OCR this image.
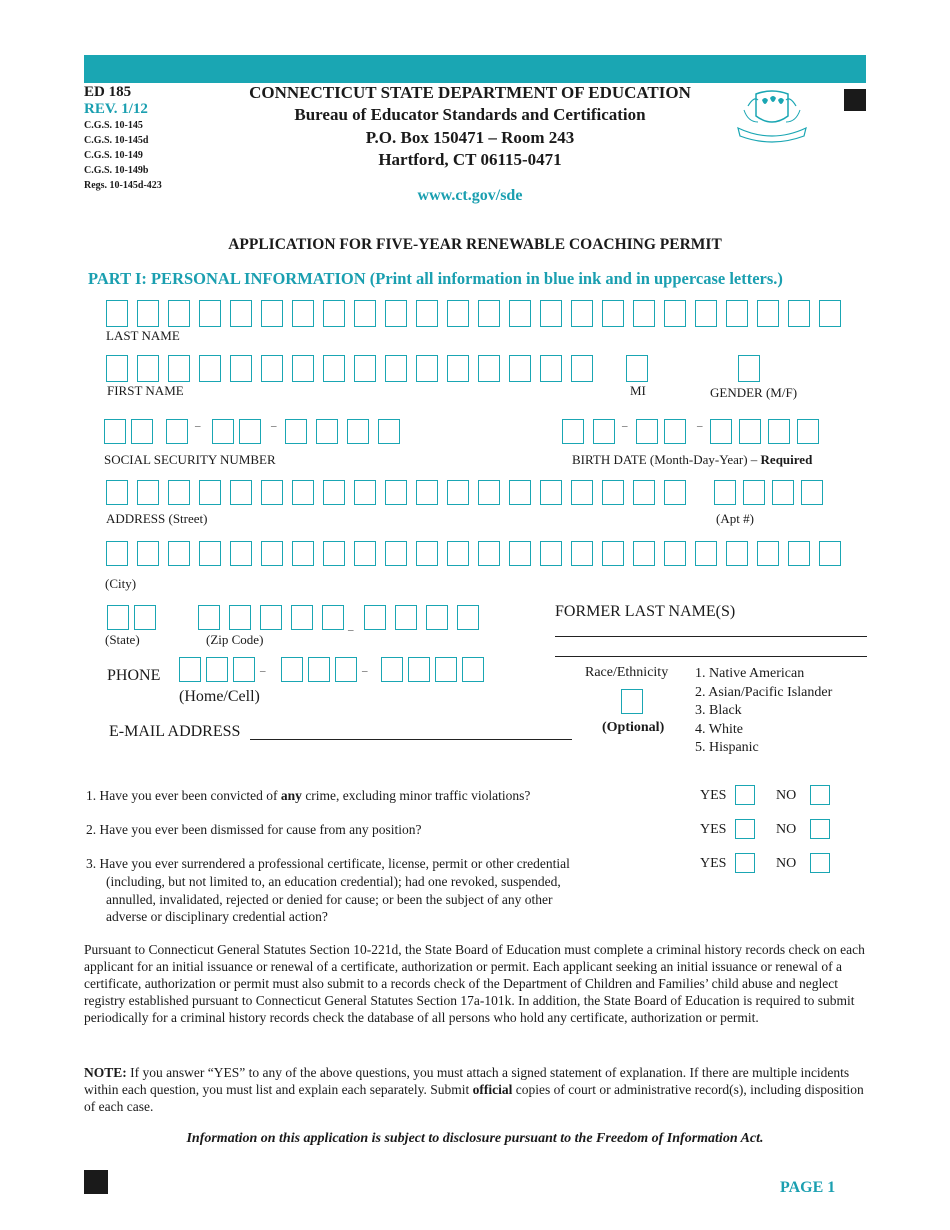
ED 185
REV. 1/12
C.G.S. 10-145
C.G.S. 10-145d
C.G.S. 10-149
C.G.S. 10-149b
Regs. 10-145d-423
CONNECTICUT STATE DEPARTMENT OF EDUCATION
Bureau of Educator Standards and Certification
P.O. Box 150471 – Room 243
Hartford, CT 06115-0471
www.ct.gov/sde
APPLICATION FOR FIVE-YEAR RENEWABLE COACHING PERMIT
PART I: PERSONAL INFORMATION (Print all information in blue ink and in uppercase letters.)
–	–	–	–
–
–	–
LAST NAME
FIRST NAME	MI	GENDER (M/F)
SOCIAL SECURITY NUMBER	BIRTH DATE (Month-Day-Year) – Required
ADDRESS (Street)	(Apt #)
(City)
(State)	(Zip Code)
FORMER LAST NAME(S)
PHONE
(Home/Cell)
E-MAIL ADDRESS
Race/Ethnicity
(Optional)
1. Native American
2. Asian/Pacific Islander
3. Black
4. White
5. Hispanic
1. Have you ever been convicted of any crime, excluding minor traffic violations?	YES	NO
2. Have you ever been dismissed for cause from any position?	YES	NO
3. Have you ever surrendered a professional certificate, license, permit or other credential	YES	NO
(including, but not limited to, an education credential); had one revoked, suspended,
annulled, invalidated, rejected or denied for cause; or been the subject of any other
adverse or disciplinary credential action?
Pursuant to Connecticut General Statutes Section 10-221d, the State Board of Education must complete a criminal history records check on each applicant for an initial issuance or renewal of a certificate, authorization or permit. Each applicant seeking an initial issuance or renewal of a certificate, authorization or permit must also submit to a records check of the Department of Children and Families’ child abuse and neglect registry established pursuant to Connecticut General Statutes Section 17a-101k. In addition, the State Board of Education is required to submit periodically for a criminal history records check the database of all persons who hold any certificate, authorization or permit.
NOTE: If you answer “YES” to any of the above questions, you must attach a signed statement of explanation. If there are multiple incidents within each question, you must list and explain each separately. Submit official copies of court or administrative record(s), including disposition of each case.
Information on this application is subject to disclosure pursuant to the Freedom of Information Act.
PAGE 1
